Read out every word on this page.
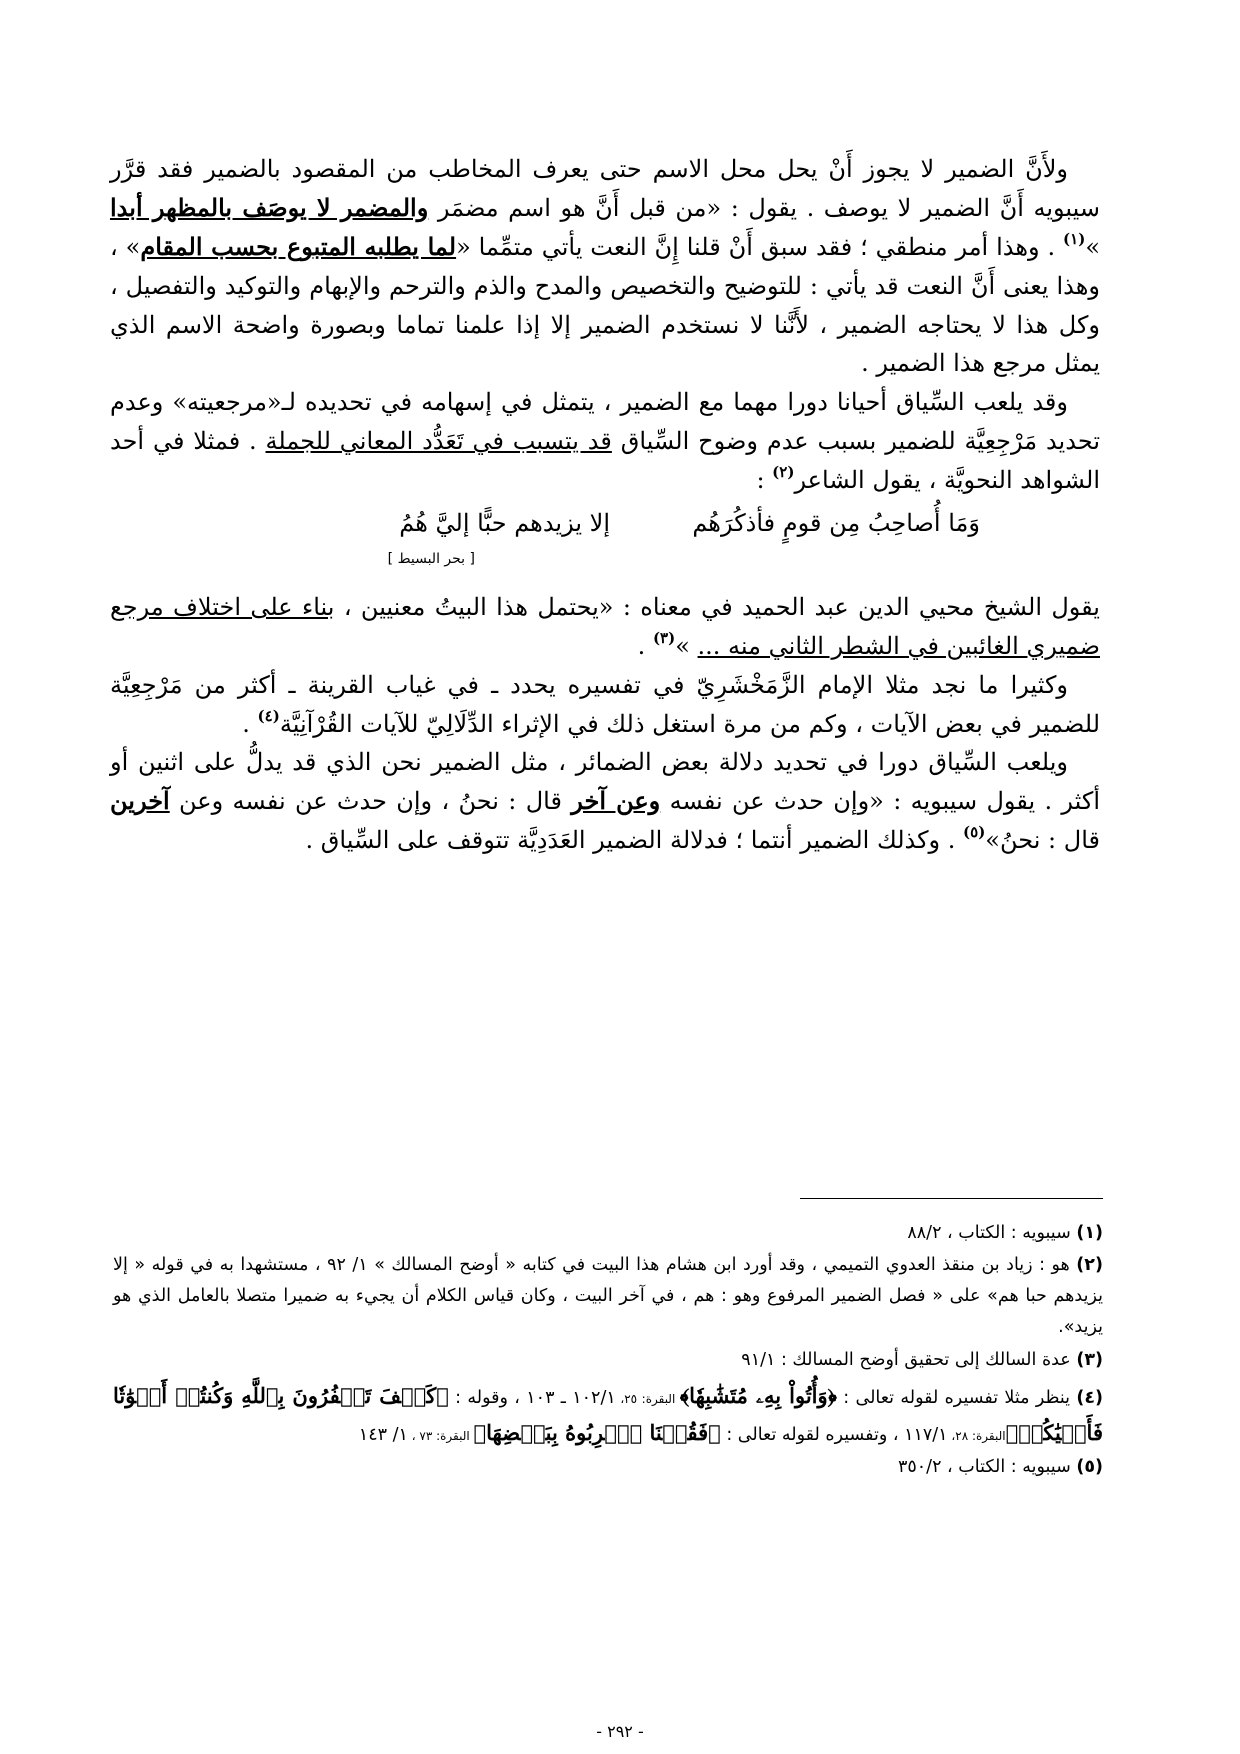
ولأَنَّ الضمير لا يجوز أَنْ يحل محل الاسم حتى يعرف المخاطب من المقصود بالضمير فقد قرَّر سيبويه أَنَّ الضمير لا يوصف . يقول : «من قبل أَنَّ هو اسم مضمَر والمضمر لا يوصَف بالمظهر أبدا »$^{(١)}$ . وهذا أمر منطقي ؛ فقد سبق أَنْ قلنا إِنَّ النعت يأتي متمِّما «لما يطلبه المتبوع بحسب المقام» ، وهذا يعنى أَنَّ النعت قد يأتي : للتوضيح والتخصيص والمدح والذم والترحم والإبهام والتوكيد والتفصيل ، وكل هذا لا يحتاجه الضمير ، لأَنَّنا لا نستخدم الضمير إلا إذا علمنا تماما وبصورة واضحة الاسم الذي يمثل مرجع هذا الضمير .

وقد يلعب السِّياق أحيانا دورا مهما مع الضمير ، يتمثل في إسهامه في تحديده لـ«مرجعيته» وعدم تحديد مَرْجِعِيَّة للضمير بسبب عدم وضوح السِّياق قد يتسبب في تَعَدُّد المعاني للجملة . فمثلا في أحد الشواهد النحويَّة ، يقول الشاعر$^{(٢)}$ :

وَمَا أُصاحِبُ مِن قومٍ فأذكُرَهُم
إلا يزيدهم حبًّا إليَّ هُمُ
[ بحر البسيط ]

يقول الشيخ محيي الدين عبد الحميد في معناه : «يحتمل هذا البيتُ معنيين ، بناء على اختلاف مرجع ضميري الغائبين في الشطر الثاني منه ... »$^{(٣)}$ .

وكثيرا ما نجد مثلا الإمام الزَّمَخْشَرِيّ في تفسيره يحدد ـ في غياب القرينة ـ أكثر من مَرْجِعِيَّة للضمير في بعض الآيات ، وكم من مرة استغل ذلك في الإثراء الدِّلَالِيّ للآيات القُرْآنِيَّة$^{(٤)}$ .

ويلعب السِّياق دورا في تحديد دلالة بعض الضمائر ، مثل الضمير نحن الذي قد يدلُّ على اثنين أو أكثر . يقول سيبويه : «وإن حدث عن نفسه وعن آخر قال : نحنُ ، وإن حدث عن نفسه وعن آخرين قال : نحنُ»$^{(٥)}$ . وكذلك الضمير أنتما ؛ فدلالة الضمير العَدَدِيَّة تتوقف على السِّياق .

(١) سيبويه : الكتاب ، ٨٨/٢

(٢) هو : زياد بن منقذ العدوي التميمي ، وقد أورد ابن هشام هذا البيت في كتابه « أوضح المسالك » ١/ ٩٢ ، مستشهدا به في قوله « إلا يزيدهم حبا هم» على « فصل الضمير المرفوع وهو : هم ، في آخر البيت ، وكان قياس الكلام أن يجيء به ضميرا متصلا بالعامل الذي هو يزيد».

(٣) عدة السالك إلى تحقيق أوضح المسالك : ٩١/١

(٤) ينظر مثلا تفسيره لقوله تعالى : ﴿وَأُتُواْ بِهِۦ مُتَشَٰبِهٗا﴾ البقرة: ٢٥، ١٠٢/١ ـ ١٠٣ ، وقوله : ﴿كَيۡفَ تَكۡفُرُونَ بِٱللَّهِ وَكُنتُمۡ أَمۡوَٰتٗا فَأَحۡيَٰكُمۡ﴾البقرة: ٢٨، ١١٧/١ ، وتفسيره لقوله تعالى : ﴿فَقُلۡنَا ٱضۡرِبُوهُ بِبَعۡضِهَا﴾ البقرة: ٧٣ ، ١/ ١٤٣

(٥) سيبويه : الكتاب ، ٣٥٠/٢

- ٢٩٢ -
